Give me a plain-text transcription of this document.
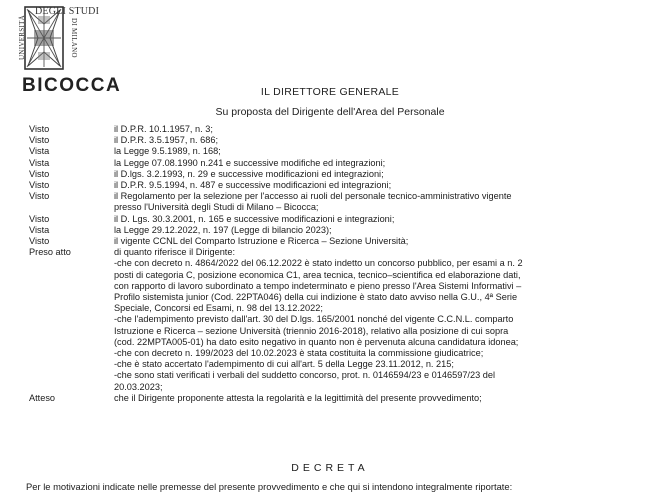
UNIVERSITÀ
DEGLI STUDI
DI MILANO
BICOCCA	IL DIRETTORE GENERALE
Su proposta del Dirigente dell'Area del Personale
Visto	il D.P.R. 10.1.1957, n. 3;

Visto	il D.P.R. 3.5.1957, n. 686;

Vista	la Legge 9.5.1989, n. 168;

Vista	la Legge 07.08.1990 n.241 e successive modifiche ed integrazioni;

Visto	il D.lgs. 3.2.1993, n. 29 e successive modificazioni ed integrazioni;

Visto	il D.P.R. 9.5.1994, n. 487 e successive modificazioni ed integrazioni;

Visto	il Regolamento per la selezione per l'accesso ai ruoli del personale tecnico-amministrativo vigente

presso l'Università degli Studi di Milano – Bicocca;

Visto	il D. Lgs. 30.3.2001, n. 165 e successive modificazioni e integrazioni;

Vista	la Legge 29.12.2022, n. 197 (Legge di bilancio 2023);

Visto	il vigente CCNL del Comparto Istruzione e Ricerca – Sezione Università;

Preso atto	di quanto riferisce il Dirigente:

-che con decreto n. 4864/2022 del 06.12.2022 è stato indetto un concorso pubblico, per esami a n. 2

posti di categoria C, posizione economica C1, area tecnica, tecnico–scientifica ed elaborazione dati,

con rapporto di lavoro subordinato a tempo indeterminato e pieno presso l'Area Sistemi Informativi –

Profilo sistemista junior (Cod. 22PTA046) della cui indizione è stato dato avviso nella G.U., 4ª Serie

Speciale, Concorsi ed Esami, n. 98 del 13.12.2022;

-che l'adempimento previsto dall'art. 30 del D.lgs. 165/2001 nonché del vigente C.C.N.L. comparto

Istruzione e Ricerca – sezione Università (triennio 2016-2018), relativo alla posizione di cui sopra

(cod. 22MPTA005-01) ha dato esito negativo in quanto non è pervenuta alcuna candidatura idonea;

-che con decreto n. 199/2023 del 10.02.2023 è stata costituita la commissione giudicatrice;

-che è stato accertato l'adempimento di cui all'art. 5 della Legge 23.11.2012, n. 215;

-che sono stati verificati i verbali del suddetto concorso, prot. n. 0146594/23 e 0146597/23 del

20.03.2023;

Atteso	che il Dirigente proponente attesta la regolarità e la legittimità del presente provvedimento;

DECRETA
Per le motivazioni indicate nelle premesse del presente provvedimento e che qui si intendono integralmente riportate:
